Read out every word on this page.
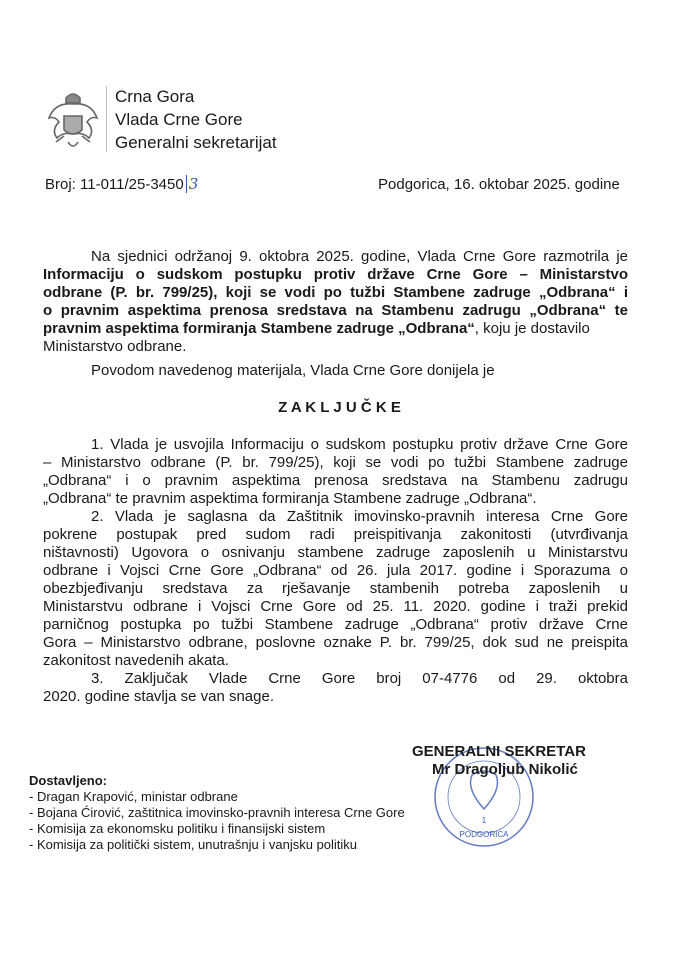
Crna Gora
Vlada Crne Gore
Generalni sekretarijat
Broj: 11-011/25-3450 3	Podgorica, 16. oktobar 2025. godine
Na sjednici održanoj 9. oktobra 2025. godine, Vlada Crne Gore razmotrila je
Informaciju o sudskom postupku protiv države Crne Gore – Ministarstvo
odbrane (P. br. 799/25), koji se vodi po tužbi Stambene zadruge „Odbrana“ i
o pravnim aspektima prenosa sredstava na Stambenu zadrugu „Odbrana“ te
pravnim aspektima formiranja Stambene zadruge „Odbrana“, koju je dostavilo
Ministarstvo odbrane.
Povodom navedenog materijala, Vlada Crne Gore donijela je
Z A K L J U Č K E
1. Vlada je usvojila Informaciju o sudskom postupku protiv države Crne Gore
– Ministarstvo odbrane (P. br. 799/25), koji se vodi po tužbi Stambene zadruge
„Odbrana“ i o pravnim aspektima prenosa sredstava na Stambenu zadrugu
„Odbrana“ te pravnim aspektima formiranja Stambene zadruge „Odbrana“.
2. Vlada je saglasna da Zaštitnik imovinsko-pravnih interesa Crne Gore
pokrene postupak pred sudom radi preispitivanja zakonitosti (utvrđivanja
ništavnosti) Ugovora o osnivanju stambene zadruge zaposlenih u Ministarstvu
odbrane i Vojsci Crne Gore „Odbrana“ od 26. jula 2017. godine i Sporazuma o
obezbjeđivanju sredstava za rješavanje stambenih potreba zaposlenih u
Ministarstvu odbrane i Vojsci Crne Gore od 25. 11. 2020. godine i traži prekid
parničnog postupka po tužbi Stambene zadruge „Odbrana“ protiv države Crne
Gora – Ministarstvo odbrane, poslovne oznake P. br. 799/25, dok sud ne preispita
zakonitost navedenih akata.
3. Zaključak Vlade Crne Gore broj 07-4776 od 29. oktobra
2020. godine stavlja se van snage.
PODGORICA
1
GENERALNI SEKRETAR
Mr Dragoljub Nikolić
Dostavljeno:
- Dragan Krapović, ministar odbrane
- Bojana Ćirović, zaštitnica imovinsko-pravnih interesa Crne Gore
- Komisija za ekonomsku politiku i finansijski sistem
- Komisija za politički sistem, unutrašnju i vanjsku politiku
